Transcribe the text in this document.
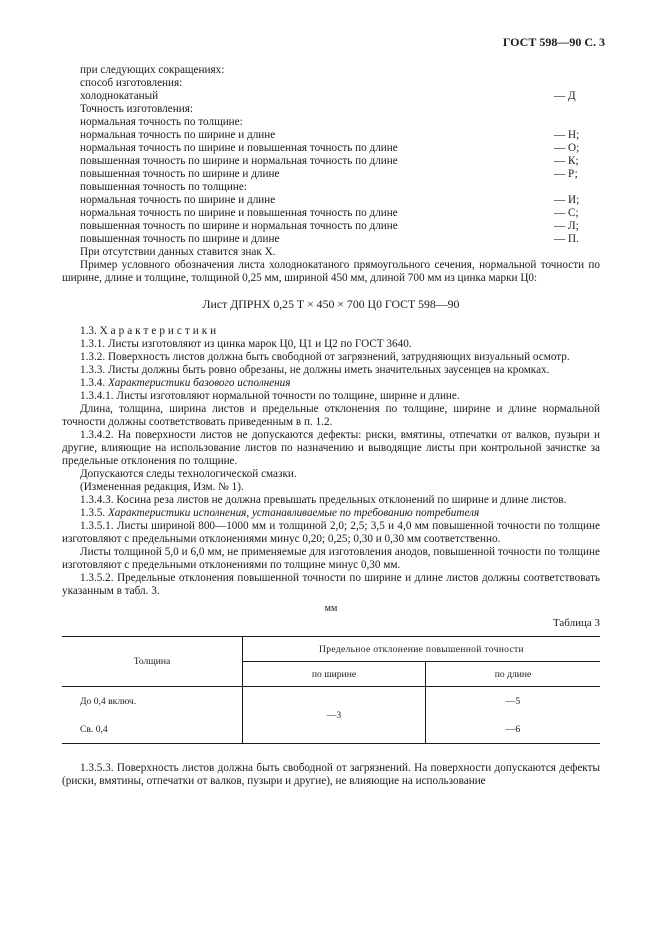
ГОСТ 598—90 С. 3

при следующих сокращениях:

способ изготовления:

холоднокатаный	— Д

Точность изготовления:

нормальная точность по толщине:

нормальная точность по ширине и длине	— Н;
нормальная точность по ширине и повышенная точность по длине	— О;
повышенная точность по ширине и нормальная точность по длине	— К;
повышенная точность по ширине и длине	— Р;

повышенная точность по толщине:

нормальная точность по ширине и длине	— И;
нормальная точность по ширине и повышенная точность по длине	— С;
повышенная точность по ширине и нормальная точность по длине	— Л;
повышенная точность по ширине и длине	— П.

При отсутствии данных ставится знак Х.

Пример условного обозначения листа холоднокатаного прямоугольного сечения, нормальной точности по ширине, длине и толщине, толщиной 0,25 мм, шириной 450 мм, длиной 700 мм из цинка марки Ц0:

Лист ДПРНХ 0,25 Т × 450 × 700 Ц0 ГОСТ 598—90

1.3. Характеристики

1.3.1. Листы изготовляют из цинка марок Ц0, Ц1 и Ц2 по ГОСТ 3640.

1.3.2. Поверхность листов должна быть свободной от загрязнений, затрудняющих визуальный осмотр.

1.3.3. Листы должны быть ровно обрезаны, не должны иметь значительных заусенцев на кромках.

1.3.4. Характеристики базового исполнения

1.3.4.1. Листы изготовляют нормальной точности по толщине, ширине и длине.

Длина, толщина, ширина листов и предельные отклонения по толщине, ширине и длине нормальной точности должны соответствовать приведенным в п. 1.2.

1.3.4.2. На поверхности листов не допускаются дефекты: риски, вмятины, отпечатки от валков, пузыри и другие, влияющие на использование листов по назначению и выводящие листы при контрольной зачистке за предельные отклонения по толщине.

Допускаются следы технологической смазки.

(Измененная редакция, Изм. № 1).

1.3.4.3. Косина реза листов не должна превышать предельных отклонений по ширине и длине листов.

1.3.5. Характеристики исполнения, устанавливаемые по требованию потребителя

1.3.5.1. Листы шириной 800—1000 мм и толщиной 2,0; 2,5; 3,5 и 4,0 мм повышенной точности по толщине изготовляют с предельными отклонениями минус 0,20; 0,25; 0,30 и 0,30 мм соответственно.

Листы толщиной 5,0 и 6,0 мм, не применяемые для изготовления анодов, повышенной точности по толщине изготовляют с предельными отклонениями по толщине минус 0,30 мм.

1.3.5.2. Предельные отклонения повышенной точности по ширине и длине листов должны соответствовать указанным в табл. 3.

мм
Таблица 3
Толщина	Предельное отклонение повышенной точности	
	по ширине	по длине
До 0,4 включ.	—3	—5
Св. 0,4		—6

1.3.5.3. Поверхность листов должна быть свободной от загрязнений. На поверхности допускаются дефекты (риски, вмятины, отпечатки от валков, пузыри и другие), не влияющие на использование
